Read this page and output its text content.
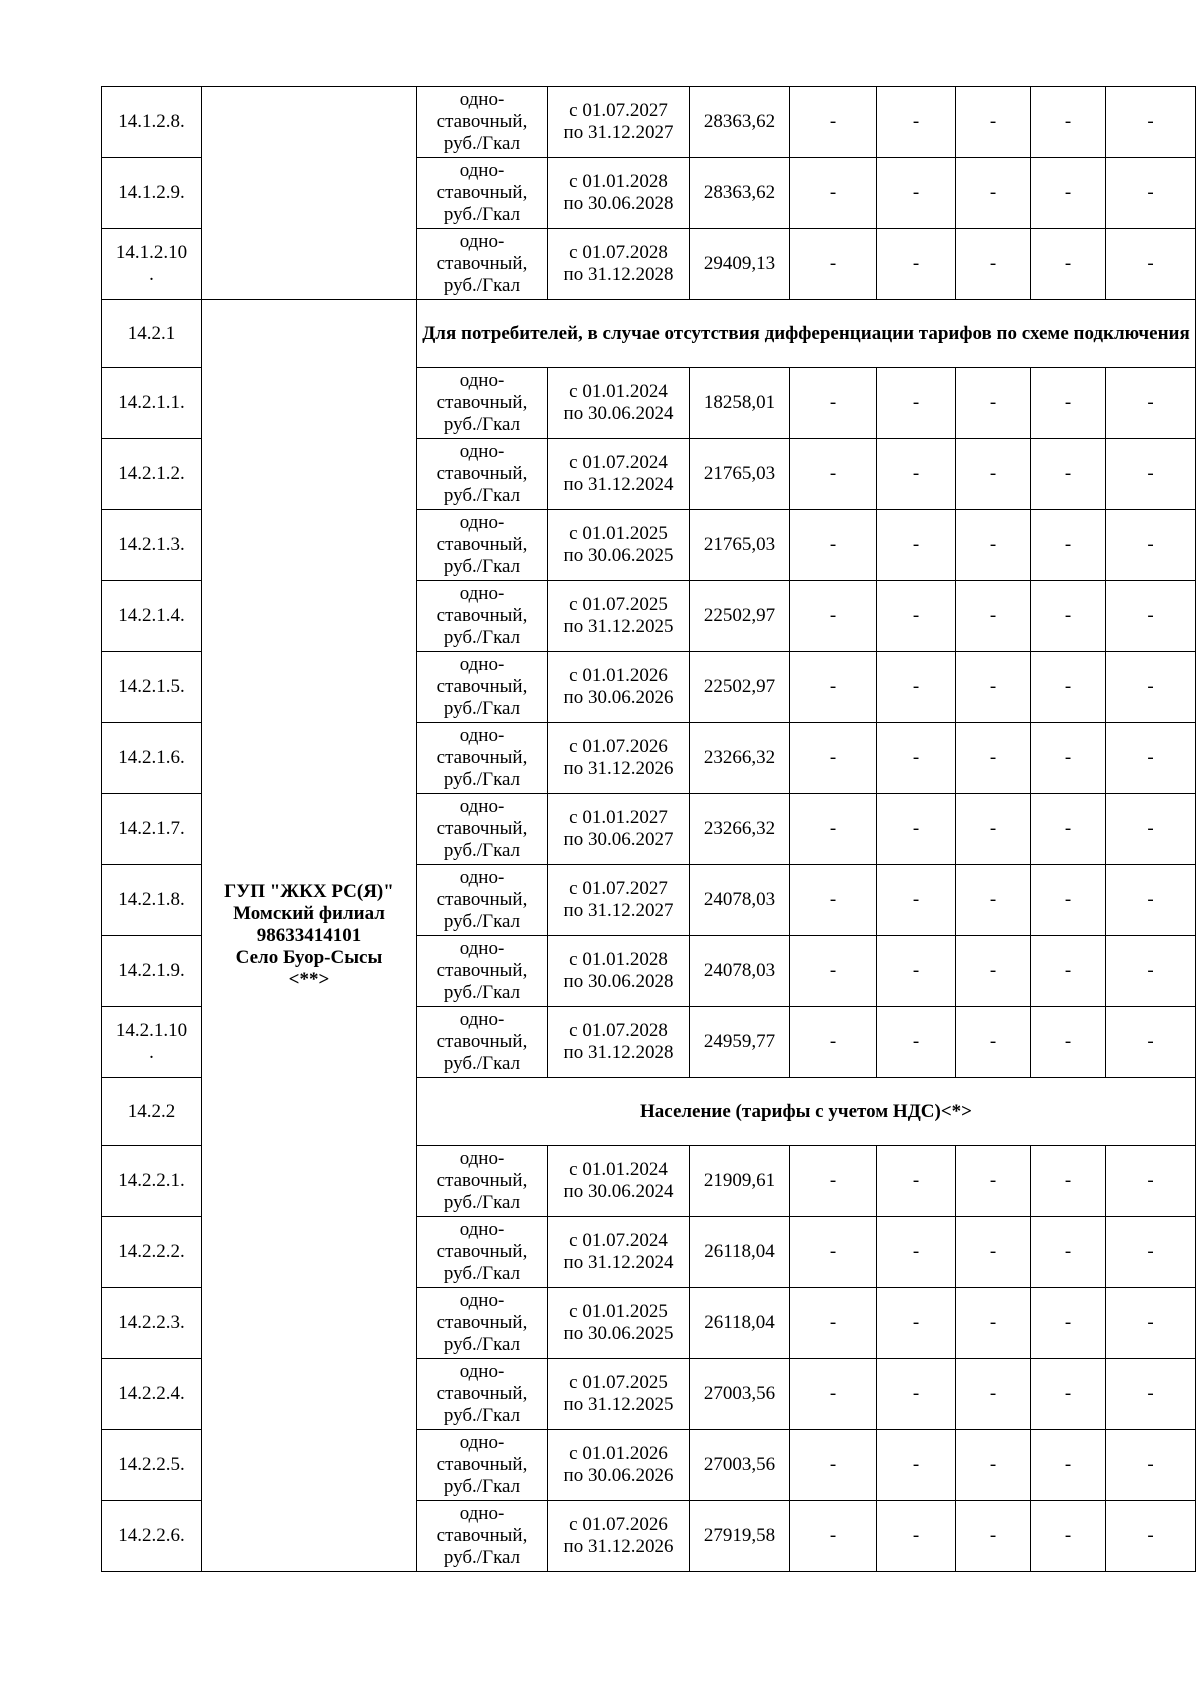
14.1.2.8.		одно-
ставочный,
руб./Гкал	с 01.07.2027
по 31.12.2027	28363,62	-	-	-	-	-
14.1.2.9.		одно-
ставочный,
руб./Гкал	с 01.01.2028
по 30.06.2028	28363,62	-	-	-	-	-
14.1.2.10
.		одно-
ставочный,
руб./Гкал	с 01.07.2028
по 31.12.2028	29409,13	-	-	-	-	-
14.2.1	ГУП "ЖКХ РС(Я)"
Момский филиал
98633414101
Село Буор-Сысы
<**>	Для потребителей, в случае отсутствия дифференциации тарифов по схеме подключения							
14.2.1.1.		одно-
ставочный,
руб./Гкал	с 01.01.2024
по 30.06.2024	18258,01	-	-	-	-	-
14.2.1.2.		одно-
ставочный,
руб./Гкал	с 01.07.2024
по 31.12.2024	21765,03	-	-	-	-	-
14.2.1.3.		одно-
ставочный,
руб./Гкал	с 01.01.2025
по 30.06.2025	21765,03	-	-	-	-	-
14.2.1.4.		одно-
ставочный,
руб./Гкал	с 01.07.2025
по 31.12.2025	22502,97	-	-	-	-	-
14.2.1.5.		одно-
ставочный,
руб./Гкал	с 01.01.2026
по 30.06.2026	22502,97	-	-	-	-	-
14.2.1.6.		одно-
ставочный,
руб./Гкал	с 01.07.2026
по 31.12.2026	23266,32	-	-	-	-	-
14.2.1.7.		одно-
ставочный,
руб./Гкал	с 01.01.2027
по 30.06.2027	23266,32	-	-	-	-	-
14.2.1.8.		одно-
ставочный,
руб./Гкал	с 01.07.2027
по 31.12.2027	24078,03	-	-	-	-	-
14.2.1.9.		одно-
ставочный,
руб./Гкал	с 01.01.2028
по 30.06.2028	24078,03	-	-	-	-	-
14.2.1.10
.		одно-
ставочный,
руб./Гкал	с 01.07.2028
по 31.12.2028	24959,77	-	-	-	-	-
14.2.2		Население (тарифы с учетом НДС)<*>							
14.2.2.1.		одно-
ставочный,
руб./Гкал	с 01.01.2024
по 30.06.2024	21909,61	-	-	-	-	-
14.2.2.2.		одно-
ставочный,
руб./Гкал	с 01.07.2024
по 31.12.2024	26118,04	-	-	-	-	-
14.2.2.3.		одно-
ставочный,
руб./Гкал	с 01.01.2025
по 30.06.2025	26118,04	-	-	-	-	-
14.2.2.4.		одно-
ставочный,
руб./Гкал	с 01.07.2025
по 31.12.2025	27003,56	-	-	-	-	-
14.2.2.5.		одно-
ставочный,
руб./Гкал	с 01.01.2026
по 30.06.2026	27003,56	-	-	-	-	-
14.2.2.6.		одно-
ставочный,
руб./Гкал	с 01.07.2026
по 31.12.2026	27919,58	-	-	-	-	-
